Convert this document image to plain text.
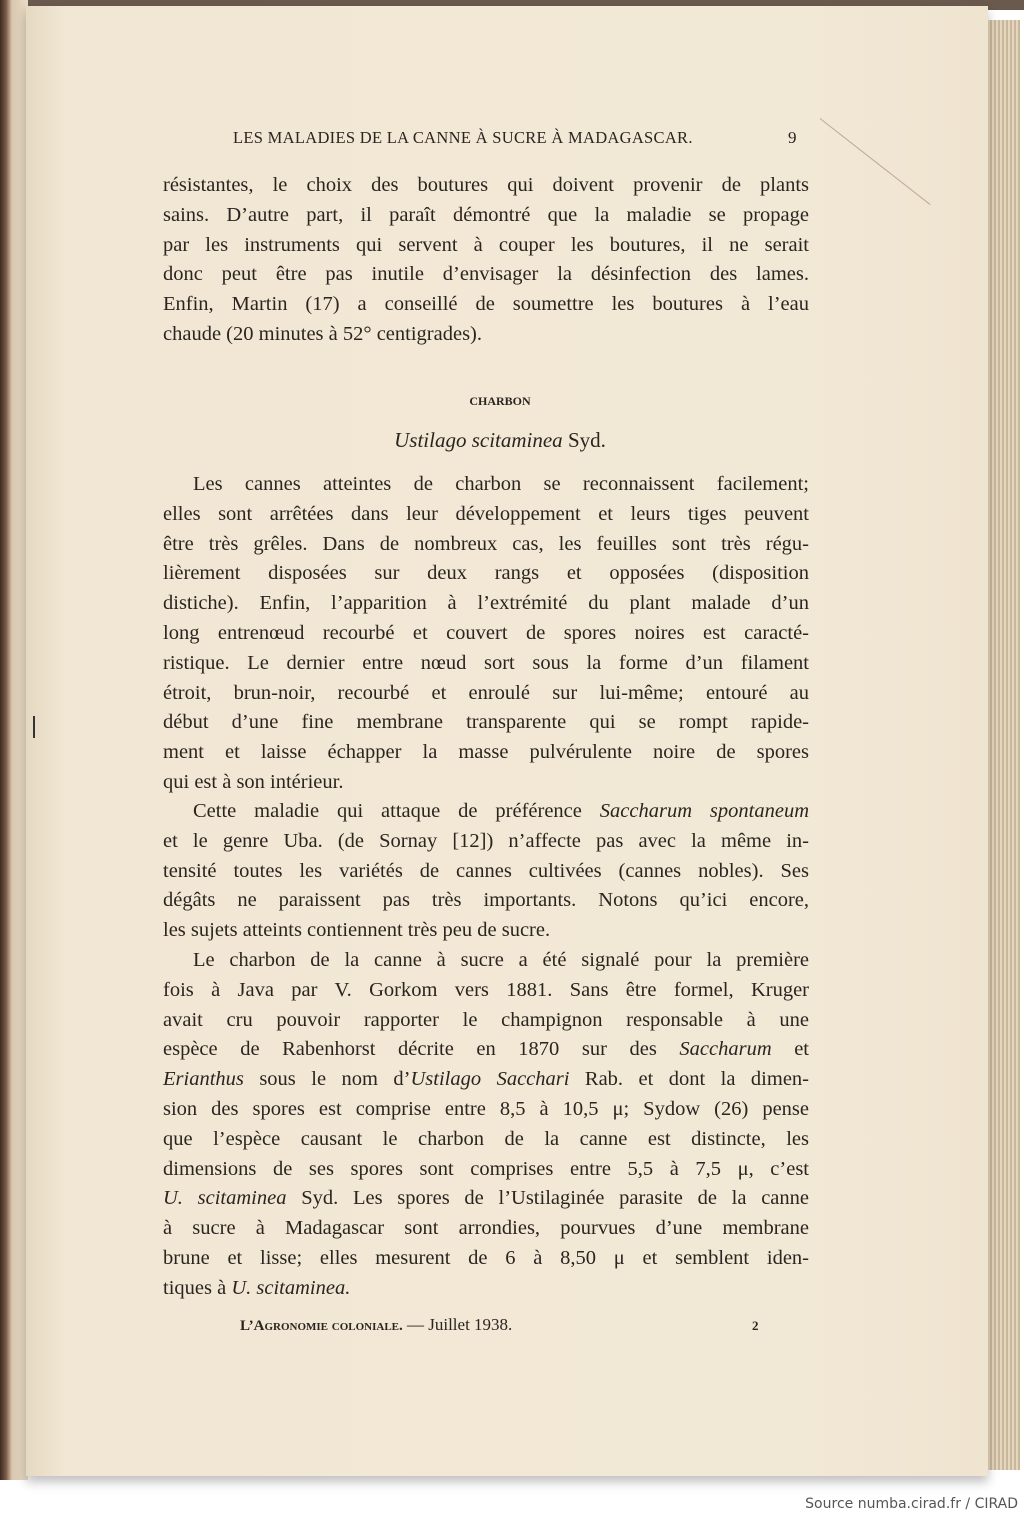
LES MALADIES DE LA CANNE À SUCRE À MADAGASCAR.	9
CHARBON
Ustilago scitaminea Syd.
résistantes, le choix des boutures qui doivent provenir de plants
sains. D’autre part, il paraît démontré que la maladie se propage
par les instruments qui servent à couper les boutures, il ne serait
donc peut être pas inutile d’envisager la désinfection des lames.
Enfin, Martin (17) a conseillé de soumettre les boutures à l’eau
chaude (20 minutes à 52° centigrades).
Les cannes atteintes de charbon se reconnaissent facilement;
elles sont arrêtées dans leur développement et leurs tiges peuvent
être très grêles. Dans de nombreux cas, les feuilles sont très régu-
lièrement disposées sur deux rangs et opposées (disposition
distiche). Enfin, l’apparition à l’extrémité du plant malade d’un
long entrenœud recourbé et couvert de spores noires est caracté-
ristique. Le dernier entre nœud sort sous la forme d’un filament
étroit, brun-noir, recourbé et enroulé sur lui-même; entouré au
début d’une fine membrane transparente qui se rompt rapide-
ment et laisse échapper la masse pulvérulente noire de spores
qui est à son intérieur.
Cette maladie qui attaque de préférence Saccharum spontaneum
et le genre Uba. (de Sornay [12]) n’affecte pas avec la même in-
tensité toutes les variétés de cannes cultivées (cannes nobles). Ses
dégâts ne paraissent pas très importants. Notons qu’ici encore,
les sujets atteints contiennent très peu de sucre.
Le charbon de la canne à sucre a été signalé pour la première
fois à Java par V. Gorkom vers 1881. Sans être formel, Kruger
avait cru pouvoir rapporter le champignon responsable à une
espèce de Rabenhorst décrite en 1870 sur des Saccharum et
Erianthus sous le nom d’Ustilago Sacchari Rab. et dont la dimen-
sion des spores est comprise entre 8,5 à 10,5 μ; Sydow (26) pense
que l’espèce causant le charbon de la canne est distincte, les
dimensions de ses spores sont comprises entre 5,5 à 7,5 μ, c’est
U. scitaminea Syd. Les spores de l’Ustilaginée parasite de la canne
à sucre à Madagascar sont arrondies, pourvues d’une membrane
brune et lisse; elles mesurent de 6 à 8,50 μ et semblent iden-
tiques à U. scitaminea.
L’Agronomie coloniale. — Juillet 1938.	2
Source numba.cirad.fr / CIRAD
